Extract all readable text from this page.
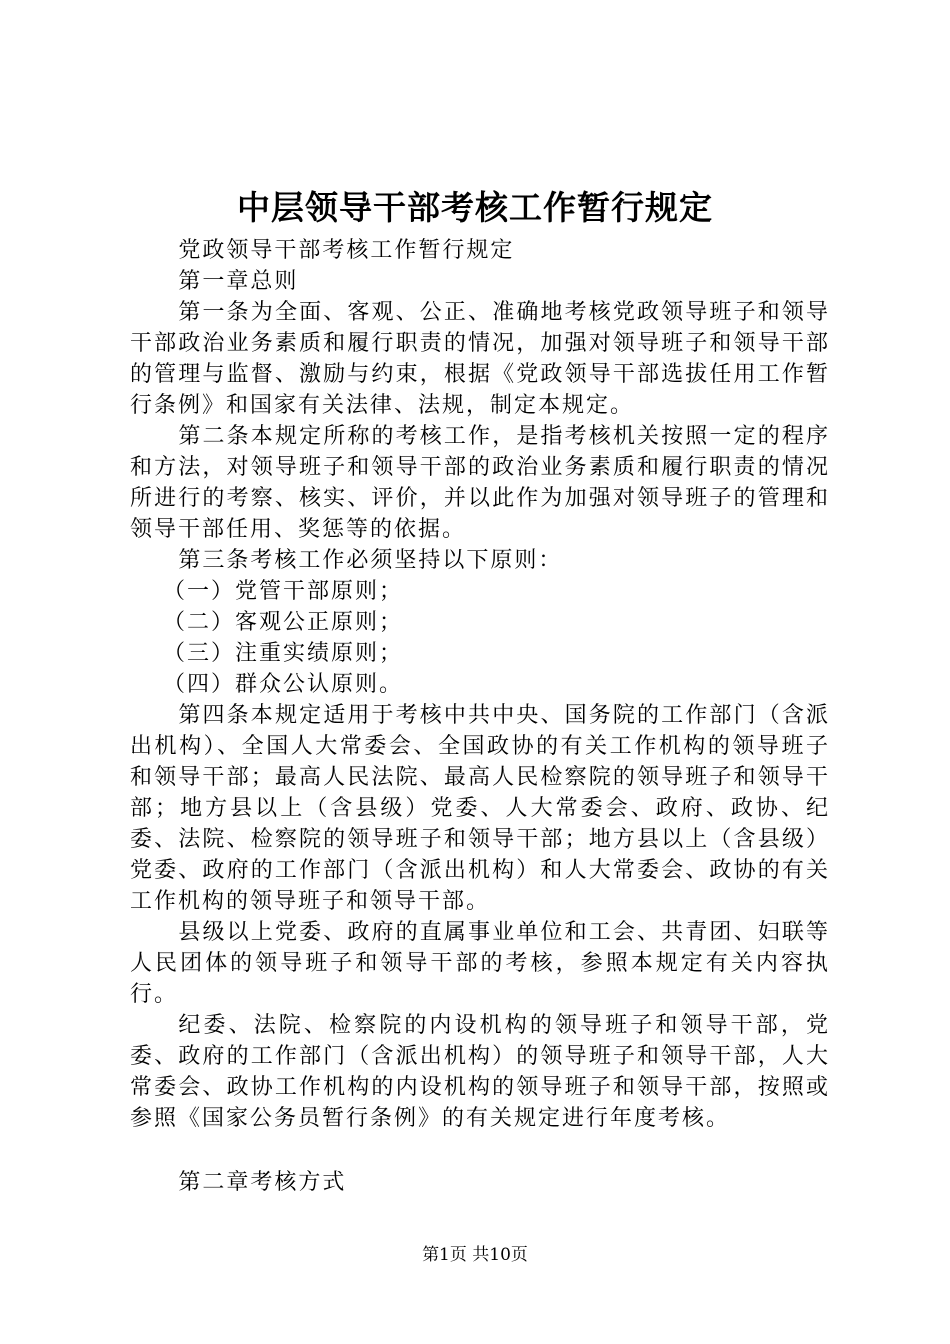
中层领导干部考核工作暂行规定

党政领导干部考核工作暂行规定

第一章总则

第一条为全面、客观、公正、准确地考核党政领导班子和领导干部政治业务素质和履行职责的情况，加强对领导班子和领导干部的管理与监督、激励与约束，根据《党政领导干部选拔任用工作暂行条例》和国家有关法律、法规，制定本规定。

第二条本规定所称的考核工作，是指考核机关按照一定的程序和方法，对领导班子和领导干部的政治业务素质和履行职责的情况所进行的考察、核实、评价，并以此作为加强对领导班子的管理和领导干部任用、奖惩等的依据。

第三条考核工作必须坚持以下原则：

（一）党管干部原则；

（二）客观公正原则；

（三）注重实绩原则；

（四）群众公认原则。

第四条本规定适用于考核中共中央、国务院的工作部门（含派出机构）、全国人大常委会、全国政协的有关工作机构的领导班子和领导干部；最高人民法院、最高人民检察院的领导班子和领导干部；地方县以上（含县级）党委、人大常委会、政府、政协、纪委、法院、检察院的领导班子和领导干部；地方县以上（含县级）党委、政府的工作部门（含派出机构）和人大常委会、政协的有关工作机构的领导班子和领导干部。

县级以上党委、政府的直属事业单位和工会、共青团、妇联等人民团体的领导班子和领导干部的考核，参照本规定有关内容执行。

纪委、法院、检察院的内设机构的领导班子和领导干部，党委、政府的工作部门（含派出机构）的领导班子和领导干部，人大常委会、政协工作机构的内设机构的领导班子和领导干部，按照或参照《国家公务员暂行条例》的有关规定进行年度考核。

第二章考核方式

第1页 共10页
